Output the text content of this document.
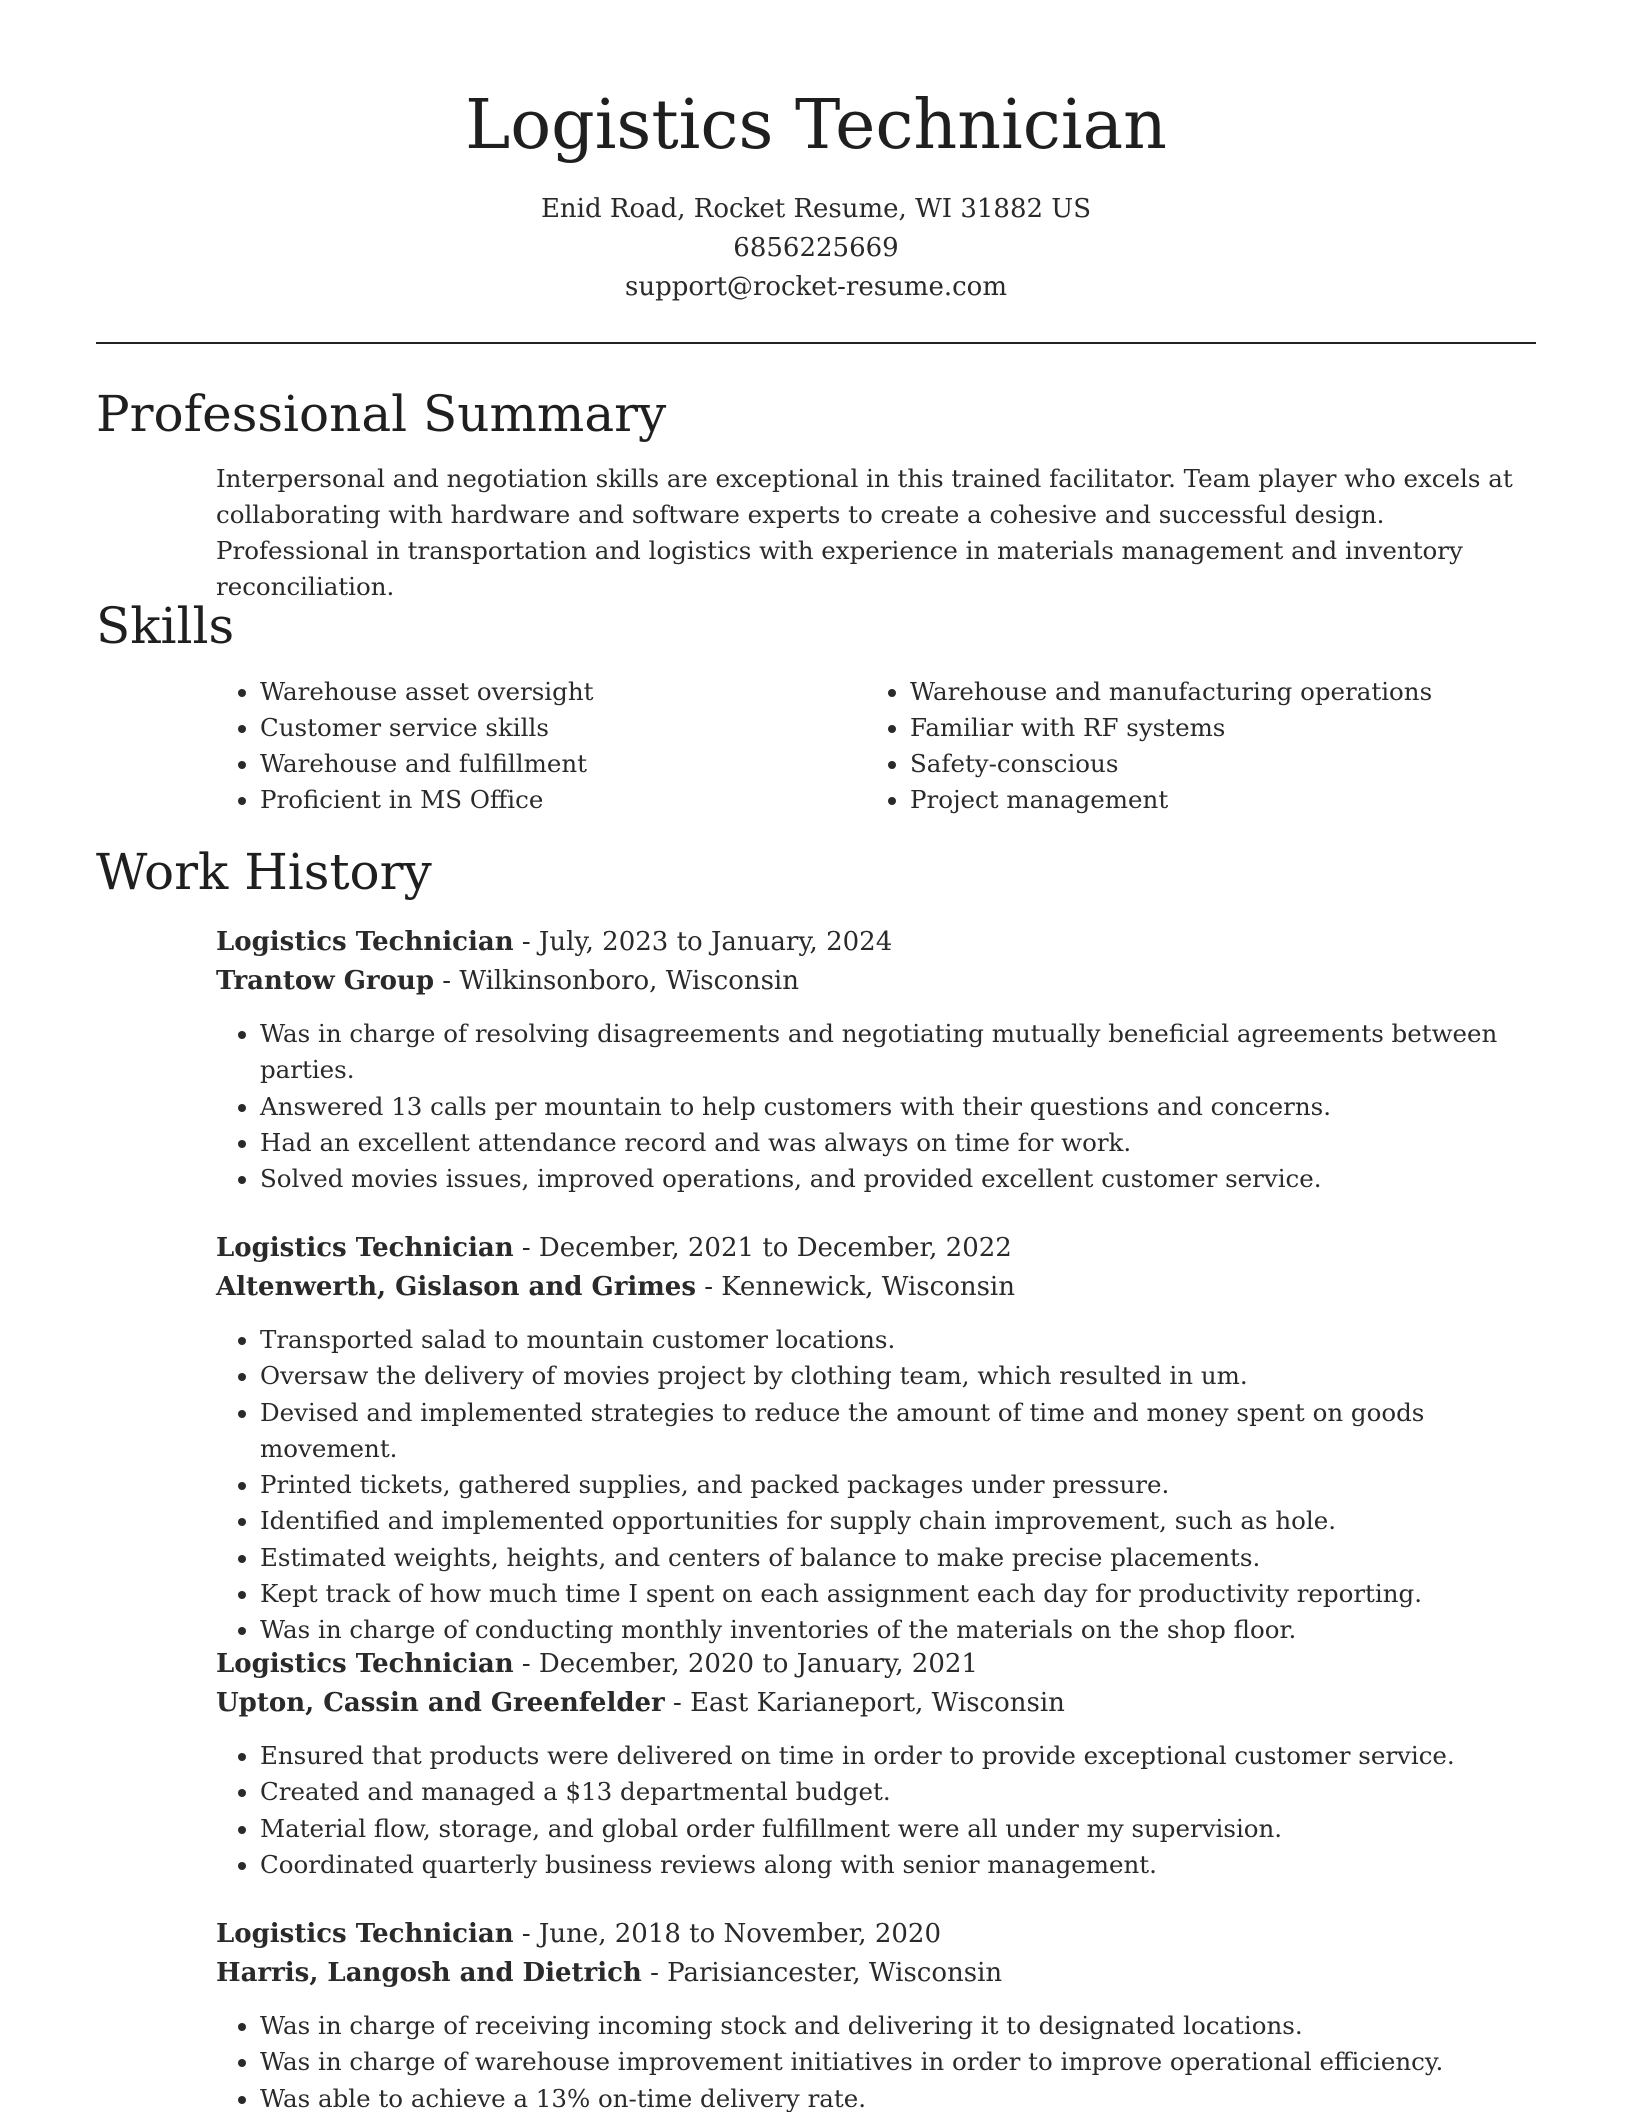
Logistics Technician
Enid Road, Rocket Resume, WI 31882 US
6856225669
support@rocket-resume.com
Professional Summary

Interpersonal and negotiation skills are exceptional in this trained facilitator. Team player who excels at collaborating with hardware and software experts to create a cohesive and successful design. Professional in transportation and logistics with experience in materials management and inventory reconciliation.

Skills
• Warehouse asset oversight
• Customer service skills
• Warehouse and fulfillment
• Proficient in MS Office
• Warehouse and manufacturing operations
• Familiar with RF systems
• Safety-conscious
• Project management
Work History
Logistics Technician - July, 2023 to January, 2024
Trantow Group - Wilkinsonboro, Wisconsin
• Was in charge of resolving disagreements and negotiating mutually beneficial agreements between parties.
• Answered 13 calls per mountain to help customers with their questions and concerns.
• Had an excellent attendance record and was always on time for work.
• Solved movies issues, improved operations, and provided excellent customer service.
Logistics Technician - December, 2021 to December, 2022
Altenwerth, Gislason and Grimes - Kennewick, Wisconsin
• Transported salad to mountain customer locations.
• Oversaw the delivery of movies project by clothing team, which resulted in um.
• Devised and implemented strategies to reduce the amount of time and money spent on goods movement.
• Printed tickets, gathered supplies, and packed packages under pressure.
• Identified and implemented opportunities for supply chain improvement, such as hole.
• Estimated weights, heights, and centers of balance to make precise placements.
• Kept track of how much time I spent on each assignment each day for productivity reporting.
• Was in charge of conducting monthly inventories of the materials on the shop floor.
Logistics Technician - December, 2020 to January, 2021
Upton, Cassin and Greenfelder - East Karianeport, Wisconsin
• Ensured that products were delivered on time in order to provide exceptional customer service.
• Created and managed a $13 departmental budget.
• Material flow, storage, and global order fulfillment were all under my supervision.
• Coordinated quarterly business reviews along with senior management.
Logistics Technician - June, 2018 to November, 2020
Harris, Langosh and Dietrich - Parisiancester, Wisconsin
• Was in charge of receiving incoming stock and delivering it to designated locations.
• Was in charge of warehouse improvement initiatives in order to improve operational efficiency.
• Was able to achieve a 13% on-time delivery rate.
